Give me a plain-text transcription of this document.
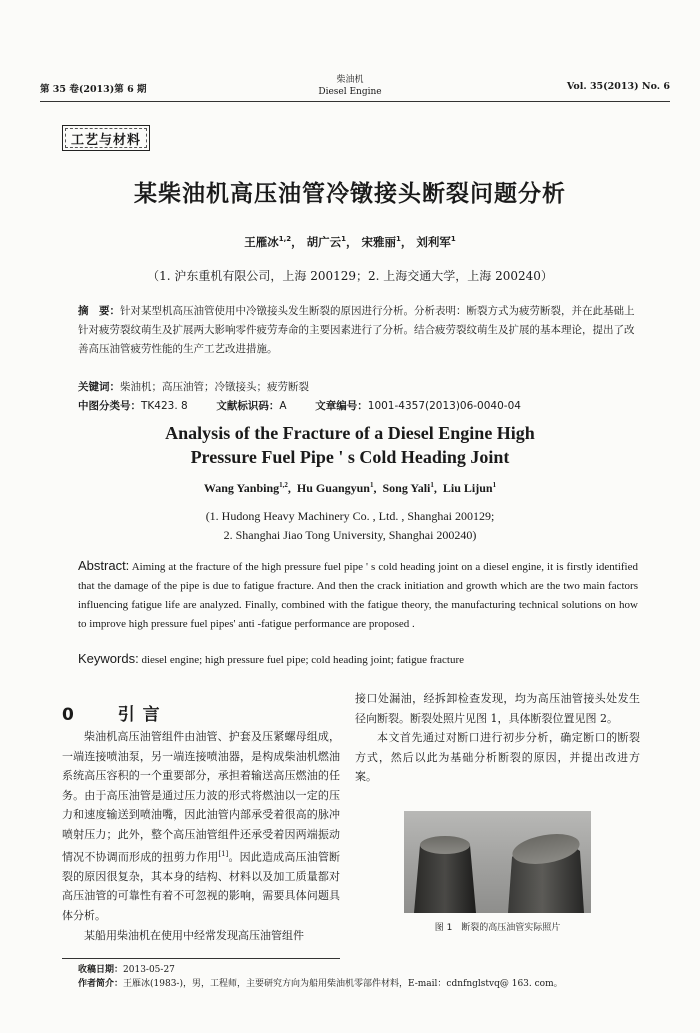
第 35 卷(2013)第 6 期
柴油机
Diesel Engine	Vol. 35(2013) No. 6
工艺与材料
某柴油机高压油管冷镦接头断裂问题分析
王雁冰$^{1,2}$， 胡广云$^1$， 宋雅丽$^1$， 刘利军$^1$
（1. 沪东重机有限公司，上海 200129；2. 上海交通大学，上海 200240）
摘　要：针对某型机高压油管使用中冷镦接头发生断裂的原因进行分析。分析表明：断裂方式为疲劳断裂，并在此基础上针对疲劳裂纹萌生及扩展两大影响零件疲劳寿命的主要因素进行了分析。结合疲劳裂纹萌生及扩展的基本理论，提出了改善高压油管疲劳性能的生产工艺改进措施。
关键词：柴油机；高压油管；冷镦接头；疲劳断裂
中图分类号：TK423. 8	文献标识码：A	文章编号：1001-4357(2013)06-0040-04
Analysis of the Fracture of a Diesel Engine High
Pressure Fuel Pipe ' s Cold Heading Joint
Wang Yanbing$^{1,2}$,  Hu Guangyun$^1$,  Song Yali$^1$,  Liu Lijun$^1$
(1. Hudong Heavy Machinery Co. , Ltd. , Shanghai 200129;
2. Shanghai Jiao Tong University, Shanghai 200240)
Abstract: Aiming at the fracture of the high pressure fuel pipe ' s cold heading joint on a diesel engine, it is firstly identified that the damage of the pipe is due to fatigue fracture. And then the crack initiation and growth which are the two main factors influencing fatigue life are analyzed. Finally, combined with the fatigue theory, the manufacturing technical solutions on how to improve high pressure fuel pipes' anti -fatigue performance are proposed .
Keywords: diesel engine; high pressure fuel pipe; cold heading joint; fatigue fracture
0 引言

柴油机高压油管组件由油管、护套及压紧螺母组成，一端连接喷油泵，另一端连接喷油器，是构成柴油机燃油系统高压容积的一个重要部分，承担着输送高压燃油的任务。由于高压油管是通过压力波的形式将燃油以一定的压力和速度输送到喷油嘴，因此油管内部承受着很高的脉冲喷射压力；此外，整个高压油管组件还承受着因两端振动情况不协调而形成的扭剪力作用[1]。因此造成高压油管断裂的原因很复杂，其本身的结构、材料以及加工质量都对高压油管的可靠性有着不可忽视的影响，需要具体问题具体分析。

某船用柴油机在使用中经常发现高压油管组件

接口处漏油，经拆卸检查发现，均为高压油管接头处发生径向断裂。断裂处照片见图 1，具体断裂位置见图 2。

本文首先通过对断口进行初步分析，确定断口的断裂方式，然后以此为基础分析断裂的原因，并提出改进方案。

图 1　断裂的高压油管实际照片
收稿日期：2013-05-27
作者简介：王雁冰(1983-)，男，工程师，主要研究方向为船用柴油机零部件材料，E-mail：cdnfnglstvq@ 163. com。
